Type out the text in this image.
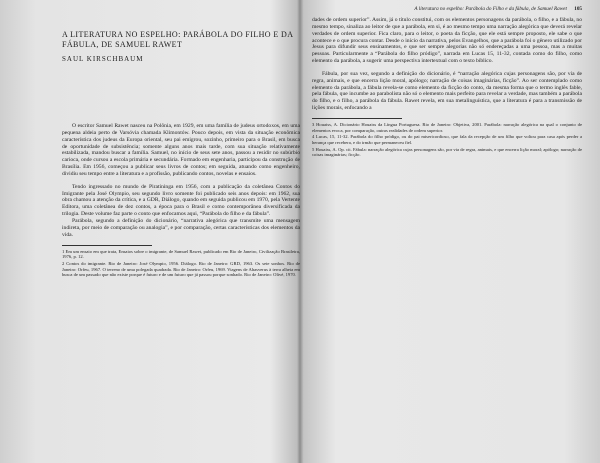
A LITERATURA NO ESPELHO: PARÁBOLA DO FILHO E DA
FÁBULA, DE SAMUEL RAWET
SAUL KIRSCHBAUM

O escritor Samuel Rawet nasceu na Polônia, em 1929, em uma família de judeus ortodoxos, em uma pequena aldeia perto de Varsóvia chamada Klimontów. Pouco depois, em vista da situação econômica característica dos judeus da Europa oriental, seu pai emigrou, sozinho, primeiro para o Brasil, em busca de oportunidade de subsistência; somente alguns anos mais tarde, com sua situação relativamente estabilizada, mandou buscar a família. Samuel, no início de seus sete anos, passou a residir no subúrbio carioca, onde cursou a escola primária e secundária. Formado em engenharia, participou da construção de Brasília. Em 1956, começou a publicar seus livros de contos; em seguida, atuando como engenheiro, dividiu seu tempo entre a literatura e a profissão, publicando contos, novelas e ensaios.

Tendo ingressado no mundo de Piratininga em 1956, com a publicação da coletânea Contos do Imigrante pela José Olympio, seu segundo livro somente foi publicado seis anos depois: em 1962, sua obra chamou a atenção da crítica, e a GDR, Diálogo, quando em seguida publicou em 1970, pela Vertente Editora, uma coletânea de dez contos, a época para o Brasil e como contemporânea diversificada da trilogia. Deste volume faz parte o conto que enfocamos aqui, “Parábola do filho e da fábula”.

Parábola, segundo a definição do dicionário, “narrativa alegórica que transmite uma mensagem indireta, por meio de comparação ou analogia”, e por comparação, certas características dos elementos da vida.

1 Em um ensaio em que trata, Ensaios sobre o imigrante, de Samuel Rawet, publicado em Rio de Janeiro, Civilização Brasileira, 1976, p. 12.

2 Contos do imigrante. Rio de Janeiro: José Olympio, 1956. Diálogo. Rio de Janeiro: GRD, 1963. Os sete sonhos. Rio de Janeiro: Orfeu, 1967. O terreno de uma polegada quadrada. Rio de Janeiro: Orfeu, 1969. Viagens de Ahasverus à terra alheia em busca de um passado que não existe porque é futuro e de um futuro que já passou porque sonhado. Rio de Janeiro: Olivé, 1970.

A literatura no espelho: Parábola do Filho e da fábula, de Samuel Rawet 105

dades de ordem superior”. Assim, já o título constitui, com os elementos personagens da parábola, o filho, e a fábula, no mesmo tempo, sinaliza ao leitor de que a parábola, em si, é ao mesmo tempo uma narração alegórica que deverá revelar verdades de ordem superior. Fica claro, para o leitor, o poeta da ficção, que ele está sempre proposto, ele sabe o que acontece e o que procura contar. Desde o início da narrativa, pelos Evangelhos, que a parábola foi o gênero utilizado por Jesus para difundir seus ensinamentos, e que ser sempre alegorias não só endereçadas a uma pessoa, mas a muitas pessoas. Particularmente a “Parábola do filho pródigo”, narrada em Lucas 15, 11-32, contada como do filho, como elemento da parábola, a sugerir uma perspectiva intertextual com o texto bíblico.

Fábula, por sua vez, segundo a definição do dicionário, é “narração alegórica cujas personagens são, por via de regra, animais, e que encerra lição moral, apólogo; narração de coisas imaginárias, ficção”. Ao ser contemplado como elemento da parábola, a fábula revela-se como elemento da ficção do conto, da mesma forma que o termo inglês fable, pela fábula, que incumbe ao parabolista não só o elemento mais perfeito para revelar a verdade, mas também a parábola do filho, e o filho, a parábola da fábula. Rawet revela, em sua metalinguística, que a literatura é para a transmissão de lições morais, enfocando a

3 Houaiss, A. Dicionário Houaiss da Língua Portuguesa. Rio de Janeiro: Objetiva, 2001. Parábola: narração alegórica na qual o conjunto de elementos evoca, por comparação, outras realidades de ordem superior.

4 Lucas, 15, 11-32. Parábola do filho pródigo, ou do pai misericordioso, que fala da recepção de um filho que voltou para casa após perder a herança que recebera, e do irmão que permaneceu fiel.

5 Houaiss, A. Op. cit. Fábula: narração alegórica cujas personagens são, por via de regra, animais, e que encerra lição moral; apólogo; narração de coisas imaginárias; ficção.
